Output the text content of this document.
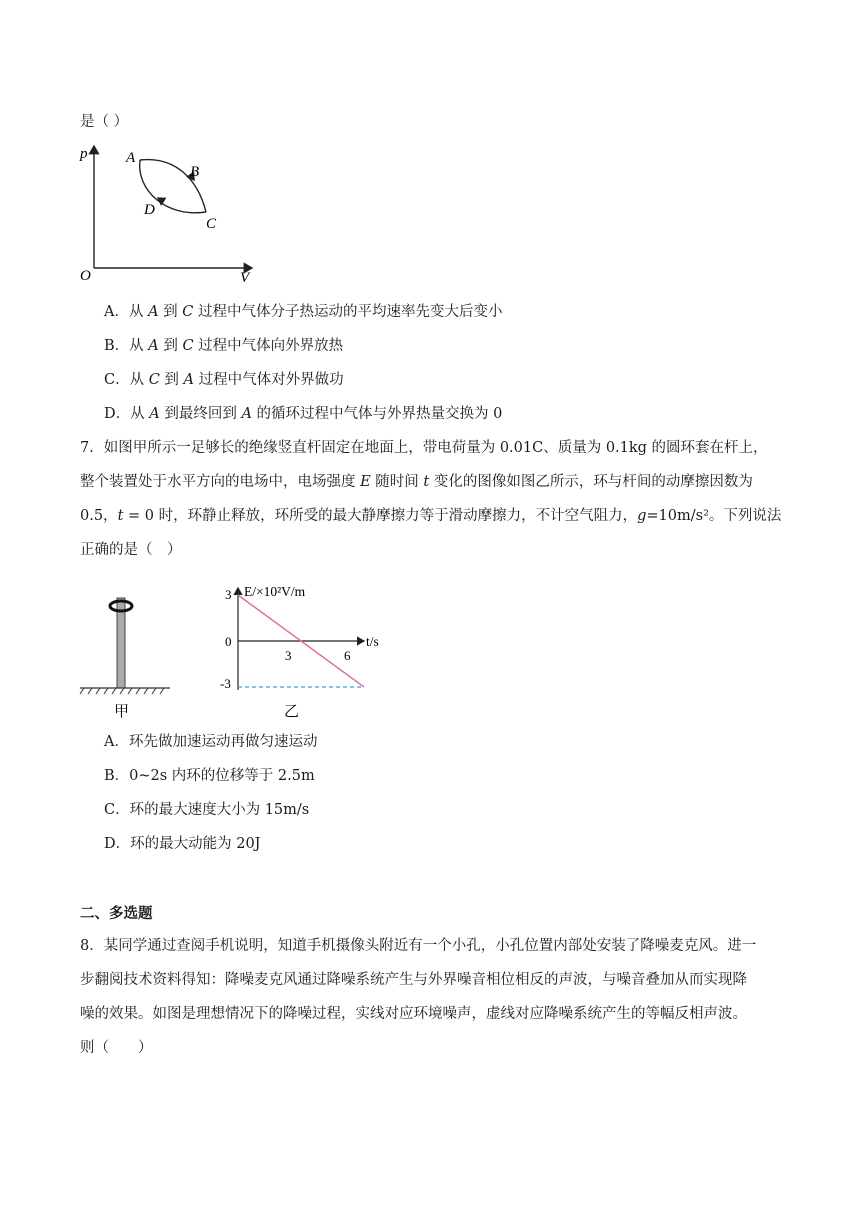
是（ ）
p
V
O
A
B
C
D
A．从 A 到 C 过程中气体分子热运动的平均速率先变大后变小
B．从 A 到 C 过程中气体向外界放热
C．从 C 到 A 过程中气体对外界做功
D．从 A 到最终回到 A 的循环过程中气体与外界热量交换为 0
7．如图甲所示一足够长的绝缘竖直杆固定在地面上，带电荷量为 0.01C、质量为 0.1kg 的圆环套在杆上，
整个装置处于水平方向的电场中，电场强度 E 随时间 t 变化的图像如图乙所示，环与杆间的动摩擦因数为
0.5，t = 0 时，环静止释放，环所受的最大静摩擦力等于滑动摩擦力，不计空气阻力，g=10m/s²。下列说法
正确的是（　）
甲
E/×10²V/m
t/s
3
0
-3
3	6
乙
A．环先做加速运动再做匀速运动
B．0~2s 内环的位移等于 2.5m
C．环的最大速度大小为 15m/s
D．环的最大动能为 20J
二、多选题
8．某同学通过查阅手机说明，知道手机摄像头附近有一个小孔，小孔位置内部处安装了降噪麦克风。进一
步翻阅技术资料得知：降噪麦克风通过降噪系统产生与外界噪音相位相反的声波，与噪音叠加从而实现降
噪的效果。如图是理想情况下的降噪过程，实线对应环境噪声，虚线对应降噪系统产生的等幅反相声波。
则（　　）
